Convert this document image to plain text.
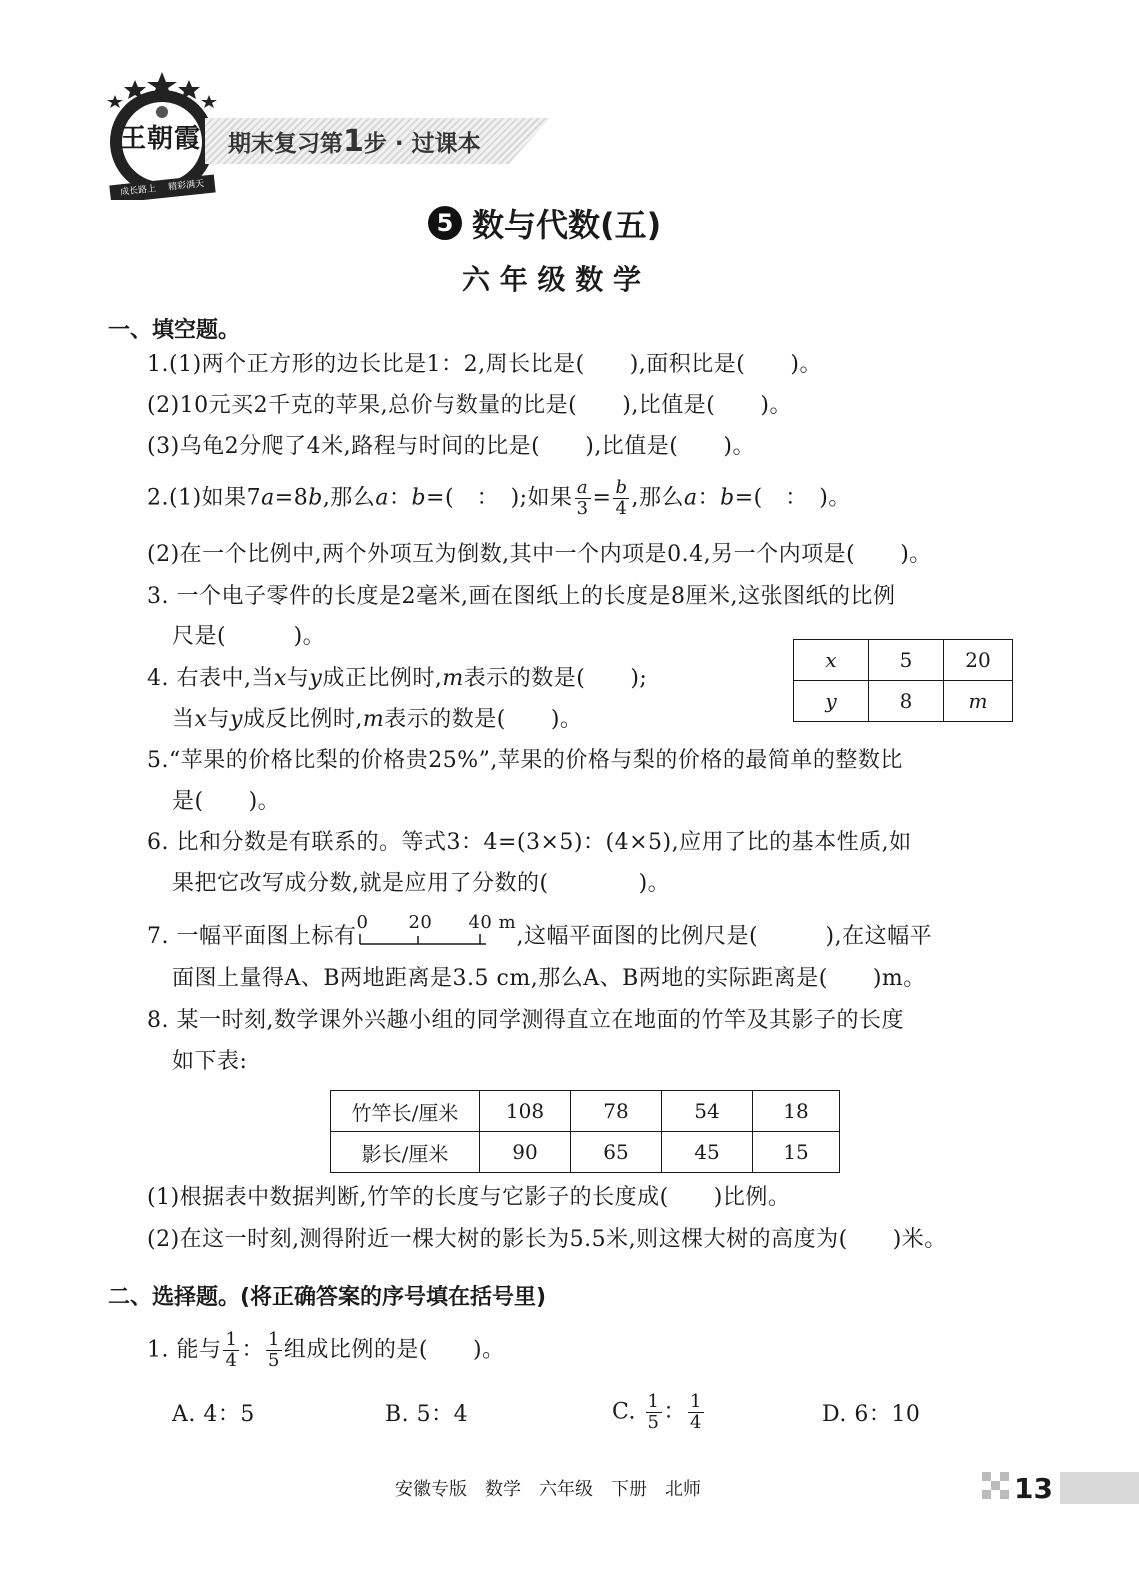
王朝霞
成长路上 精彩满天
期末复习第1步 · 过课本
5 数与代数(五)
六 年 级 数 学
一、填空题。
1.(1)两个正方形的边长比是1：2,周长比是(　　),面积比是(　　)。
(2)10元买2千克的苹果,总价与数量的比是(　　),比值是(　　)。
(3)乌龟2分爬了4米,路程与时间的比是(　　),比值是(　　)。
2.(1)如果7a=8b,那么a：b=(　：　);如果 $\frac{a}{3} = \frac{b}{4}$ ,那么a：b=(　：　)。
(2)在一个比例中,两个外项互为倒数,其中一个内项是0.4,另一个内项是(　　)。
3. 一个电子零件的长度是2毫米,画在图纸上的长度是8厘米,这张图纸的比例
尺是(　　　)。
4. 右表中,当x与y成正比例时,m表示的数是(　　);
当x与y成反比例时,m表示的数是(　　)。
x	5	20
y	8	m
5.“苹果的价格比梨的价格贵25%”,苹果的价格与梨的价格的最简单的整数比
是(　　)。
6. 比和分数是有联系的。等式3：4=(3×5)：(4×5),应用了比的基本性质,如
果把它改写成分数,就是应用了分数的(　　　　)。
7. 一幅平面图上标有
0 20 40 m
,这幅平面图的比例尺是(　　　),在这幅平
面图上量得A、B两地距离是3.5 cm,那么A、B两地的实际距离是(　　)m。
8. 某一时刻,数学课外兴趣小组的同学测得直立在地面的竹竿及其影子的长度
如下表:
竹竿长/厘米	108	78	54	18
影长/厘米	90	65	45	15
(1)根据表中数据判断,竹竿的长度与它影子的长度成(　　)比例。
(2)在这一时刻,测得附近一棵大树的影长为5.5米,则这棵大树的高度为(　　)米。
二、选择题。(将正确答案的序号填在括号里)
1. 能与 $\frac{1}{4}$ ： $\frac{1}{5}$ 组成比例的是(　　)。
A. 4：5	B. 5：4	C. $\frac{1}{5}$ ： $\frac{1}{4}$	D. 6：10
安徽专版 数学 六年级 下册 北师	13
